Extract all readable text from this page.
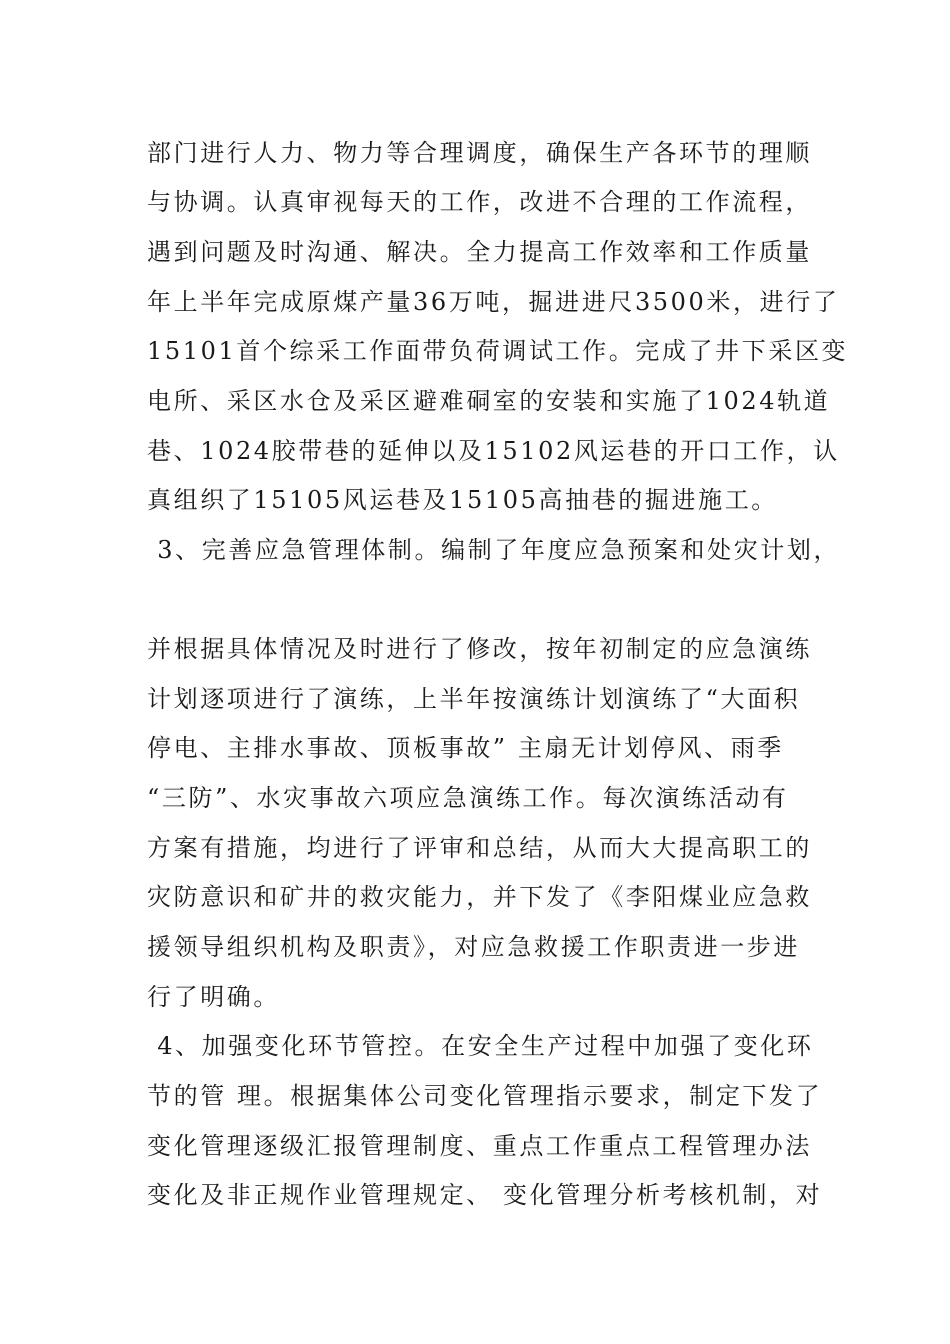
部门进行人力、物力等合理调度，确保生产各环节的理顺
与协调。认真审视每天的工作，改进不合理的工作流程，
遇到问题及时沟通、解决。全力提高工作效率和工作质量
年上半年完成原煤产量36万吨，掘进进尺3500米，进行了
15101首个综采工作面带负荷调试工作。完成了井下采区变
电所、采区水仓及采区避难硐室的安装和实施了1024轨道
巷、1024胶带巷的延伸以及15102风运巷的开口工作，认
真组织了15105风运巷及15105高抽巷的掘进施工。
3、完善应急管理体制。编制了年度应急预案和处灾计划，
并根据具体情况及时进行了修改，按年初制定的应急演练
计划逐项进行了演练，上半年按演练计划演练了“大面积
停电、主排水事故、顶板事故” 主扇无计划停风、雨季
“三防”、水灾事故六项应急演练工作。每次演练活动有
方案有措施，均进行了评审和总结，从而大大提高职工的
灾防意识和矿井的救灾能力，并下发了《李阳煤业应急救
援领导组织机构及职责》，对应急救援工作职责进一步进
行了明确。
4、加强变化环节管控。在安全生产过程中加强了变化环
节的管 理。根据集体公司变化管理指示要求，制定下发了
变化管理逐级汇报管理制度、重点工作重点工程管理办法
变化及非正规作业管理规定、 变化管理分析考核机制，对
